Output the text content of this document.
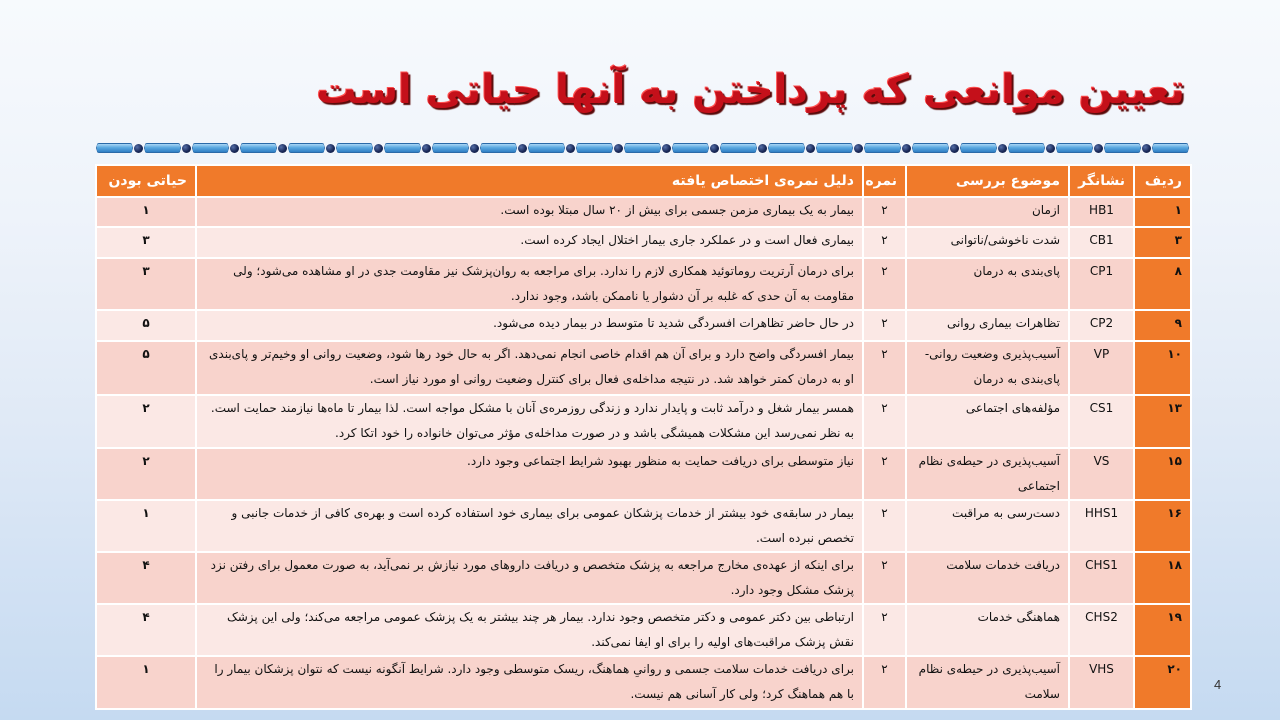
تعیین موانعی که پرداختن به آنها حیاتی است
ردیف	نشانگر	موضوع بررسی	نمره	دلیل نمره‌ی اختصاص یافته	حیاتی بودن
۱	HB1	ازمان	۲	بیمار به یک بیماری مزمن جسمی برای بیش از ۲۰ سال مبتلا بوده است.	۱
۳	CB1	شدت ناخوشی/ناتوانی	۲	بیماری فعال است و در عملکرد جاری بیمار اختلال ایجاد کرده است.	۳
۸	CP1	پای‌بندی به درمان	۲	برای درمان آرتریت روماتوئید همکاری لازم را ندارد. برای مراجعه به روان‌پزشک نیز مقاومت جدی در او مشاهده می‌شود؛ ولی مقاومت به آن حدی که غلبه بر آن دشوار یا ناممکن باشد، وجود ندارد.	۳
۹	CP2	تظاهرات بیماری روانی	۲	در حال حاضر تظاهرات افسردگی شدید تا متوسط در بیمار دیده می‌شود.	۵
۱۰	VP	آسیب‌پذیری وضعیت روانی-پای‌بندی به درمان	۲	بیمار افسردگی واضح دارد و برای آن هم اقدام خاصی انجام نمی‌دهد. اگر به حال خود رها شود، وضعیت روانی او وخیم‌تر و پای‌بندی او به درمان کمتر خواهد شد. در نتیجه مداخله‌ی فعال برای کنترل وضعیت روانی او مورد نیاز است.	۵
۱۳	CS1	مؤلفه‌های اجتماعی	۲	همسر بیمار شغل و درآمد ثابت و پایدار ندارد و زندگی روزمره‌ی آنان با مشکل مواجه است. لذا بیمار تا ماه‌ها نیازمند حمایت است. به نظر نمی‌رسد این مشکلات همیشگی باشد و در صورت مداخله‌ی مؤثر می‌توان خانواده را خود اتکا کرد.	۲
۱۵	VS	آسیب‌پذیری در حیطه‌ی نظام اجتماعی	۲	نیاز متوسطی برای دریافت حمایت به منظور بهبود شرایط اجتماعی وجود دارد.	۲
۱۶	HHS1	دست‌رسی به مراقبت	۲	بیمار در سابقه‌ی خود بیشتر از خدمات پزشکان عمومی برای بیماری خود استفاده کرده است و بهره‌ی کافی از خدمات جانبی و تخصص نبرده است.	۱
۱۸	CHS1	دریافت خدمات سلامت	۲	برای اینکه از عهده‌ی مخارج مراجعه به پزشک متخصص و دریافت داروهای مورد نیازش بر نمی‌آید، به صورت معمول برای رفتن نزد پزشک مشکل وجود دارد.	۴
۱۹	CHS2	هماهنگی خدمات	۲	ارتباطی بین دکتر عمومی و دکتر متخصص وجود ندارد. بیمار هر چند بیشتر به یک پزشک عمومی مراجعه می‌کند؛ ولی این پزشک نقش پزشک مراقبت‌های اولیه را برای او ایفا نمی‌کند.	۴
۲۰	VHS	آسیب‌پذیری در حیطه‌ی نظام سلامت	۲	برای دریافت خدمات سلامت جسمی و روانیِ هماهنگ، ریسک متوسطی وجود دارد. شرایط آنگونه نیست که نتوان پزشکان بیمار را با هم هماهنگ کرد؛ ولی کار آسانی هم نیست.	۱
4
